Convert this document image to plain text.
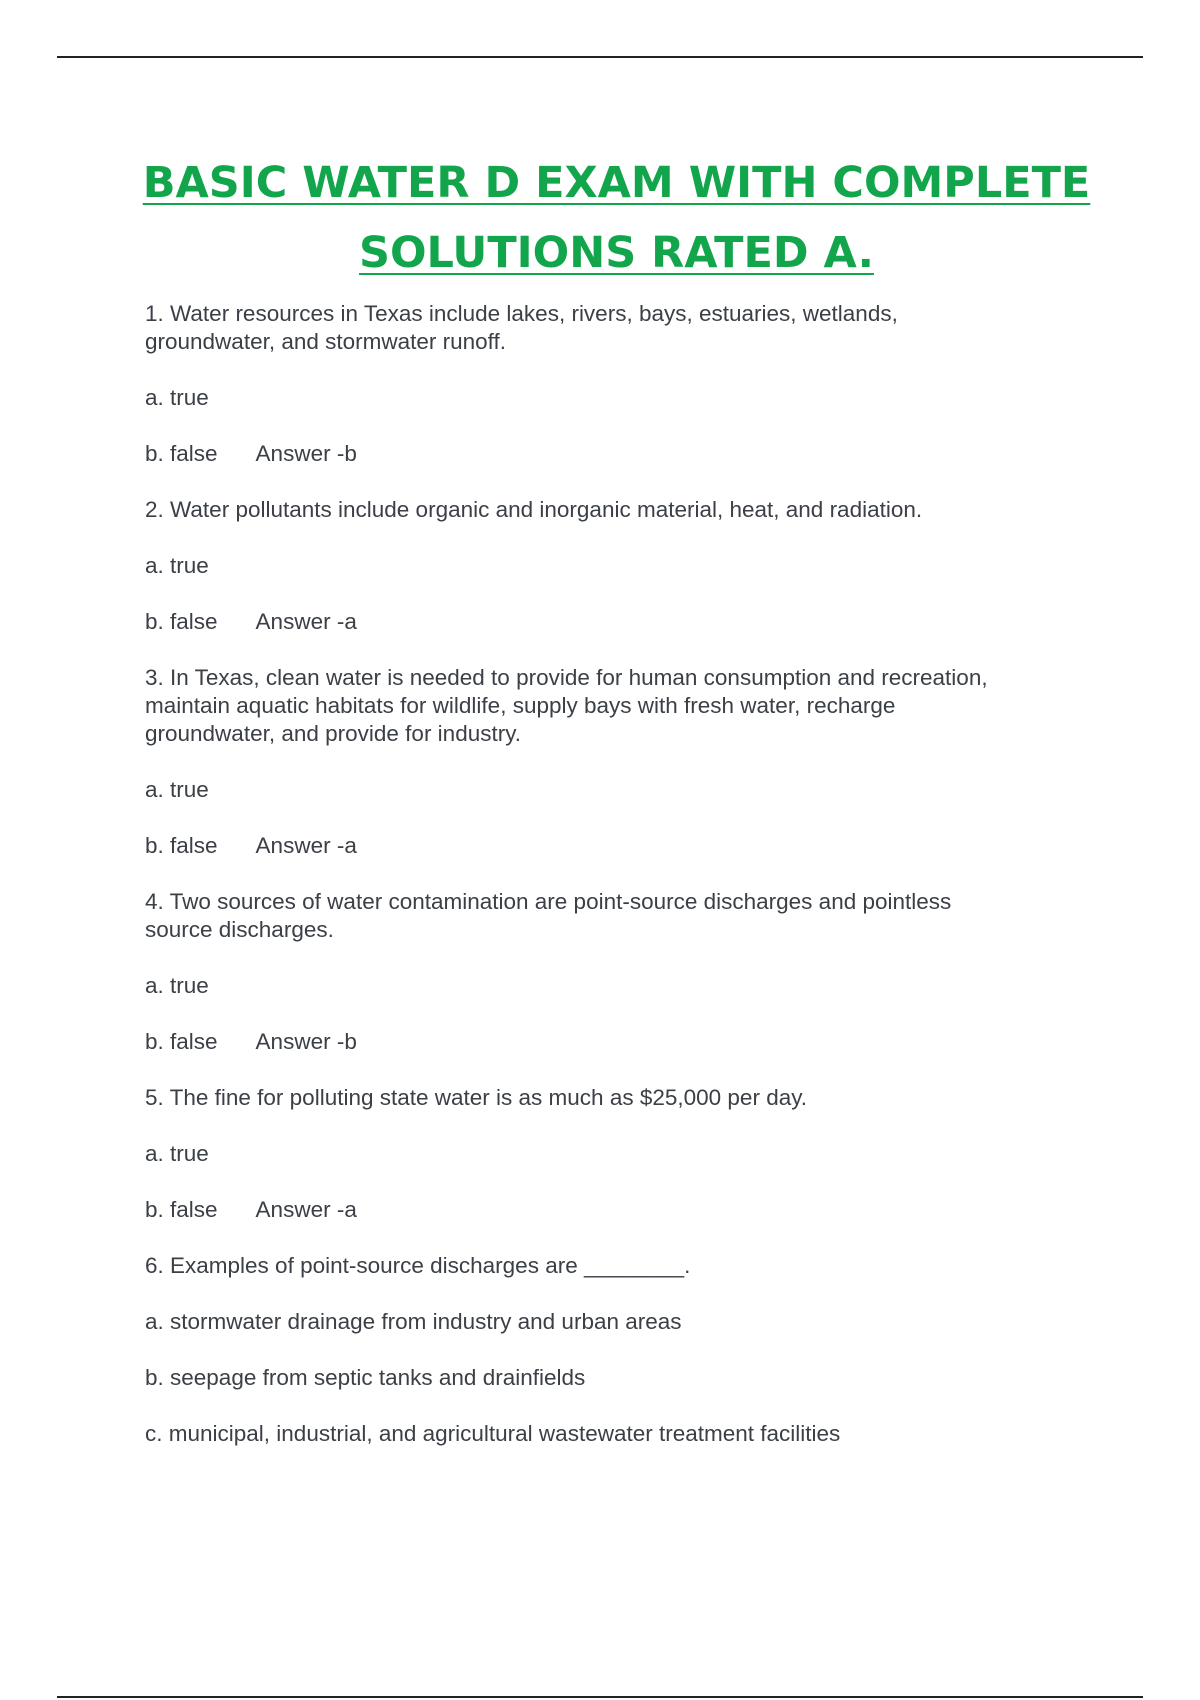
BASIC WATER D EXAM WITH COMPLETE
SOLUTIONS RATED A.
1. Water resources in Texas include lakes, rivers, bays, estuaries, wetlands,
groundwater, and stormwater runoff.
a. true
b. false Answer -b
2. Water pollutants include organic and inorganic material, heat, and radiation.
a. true
b. false Answer -a
3. In Texas, clean water is needed to provide for human consumption and recreation,
maintain aquatic habitats for wildlife, supply bays with fresh water, recharge
groundwater, and provide for industry.
a. true
b. false Answer -a
4. Two sources of water contamination are point-source discharges and pointless
source discharges.
a. true
b. false Answer -b
5. The fine for polluting state water is as much as $25,000 per day.
a. true
b. false Answer -a
6. Examples of point-source discharges are ________.
a. stormwater drainage from industry and urban areas
b. seepage from septic tanks and drainfields
c. municipal, industrial, and agricultural wastewater treatment facilities
